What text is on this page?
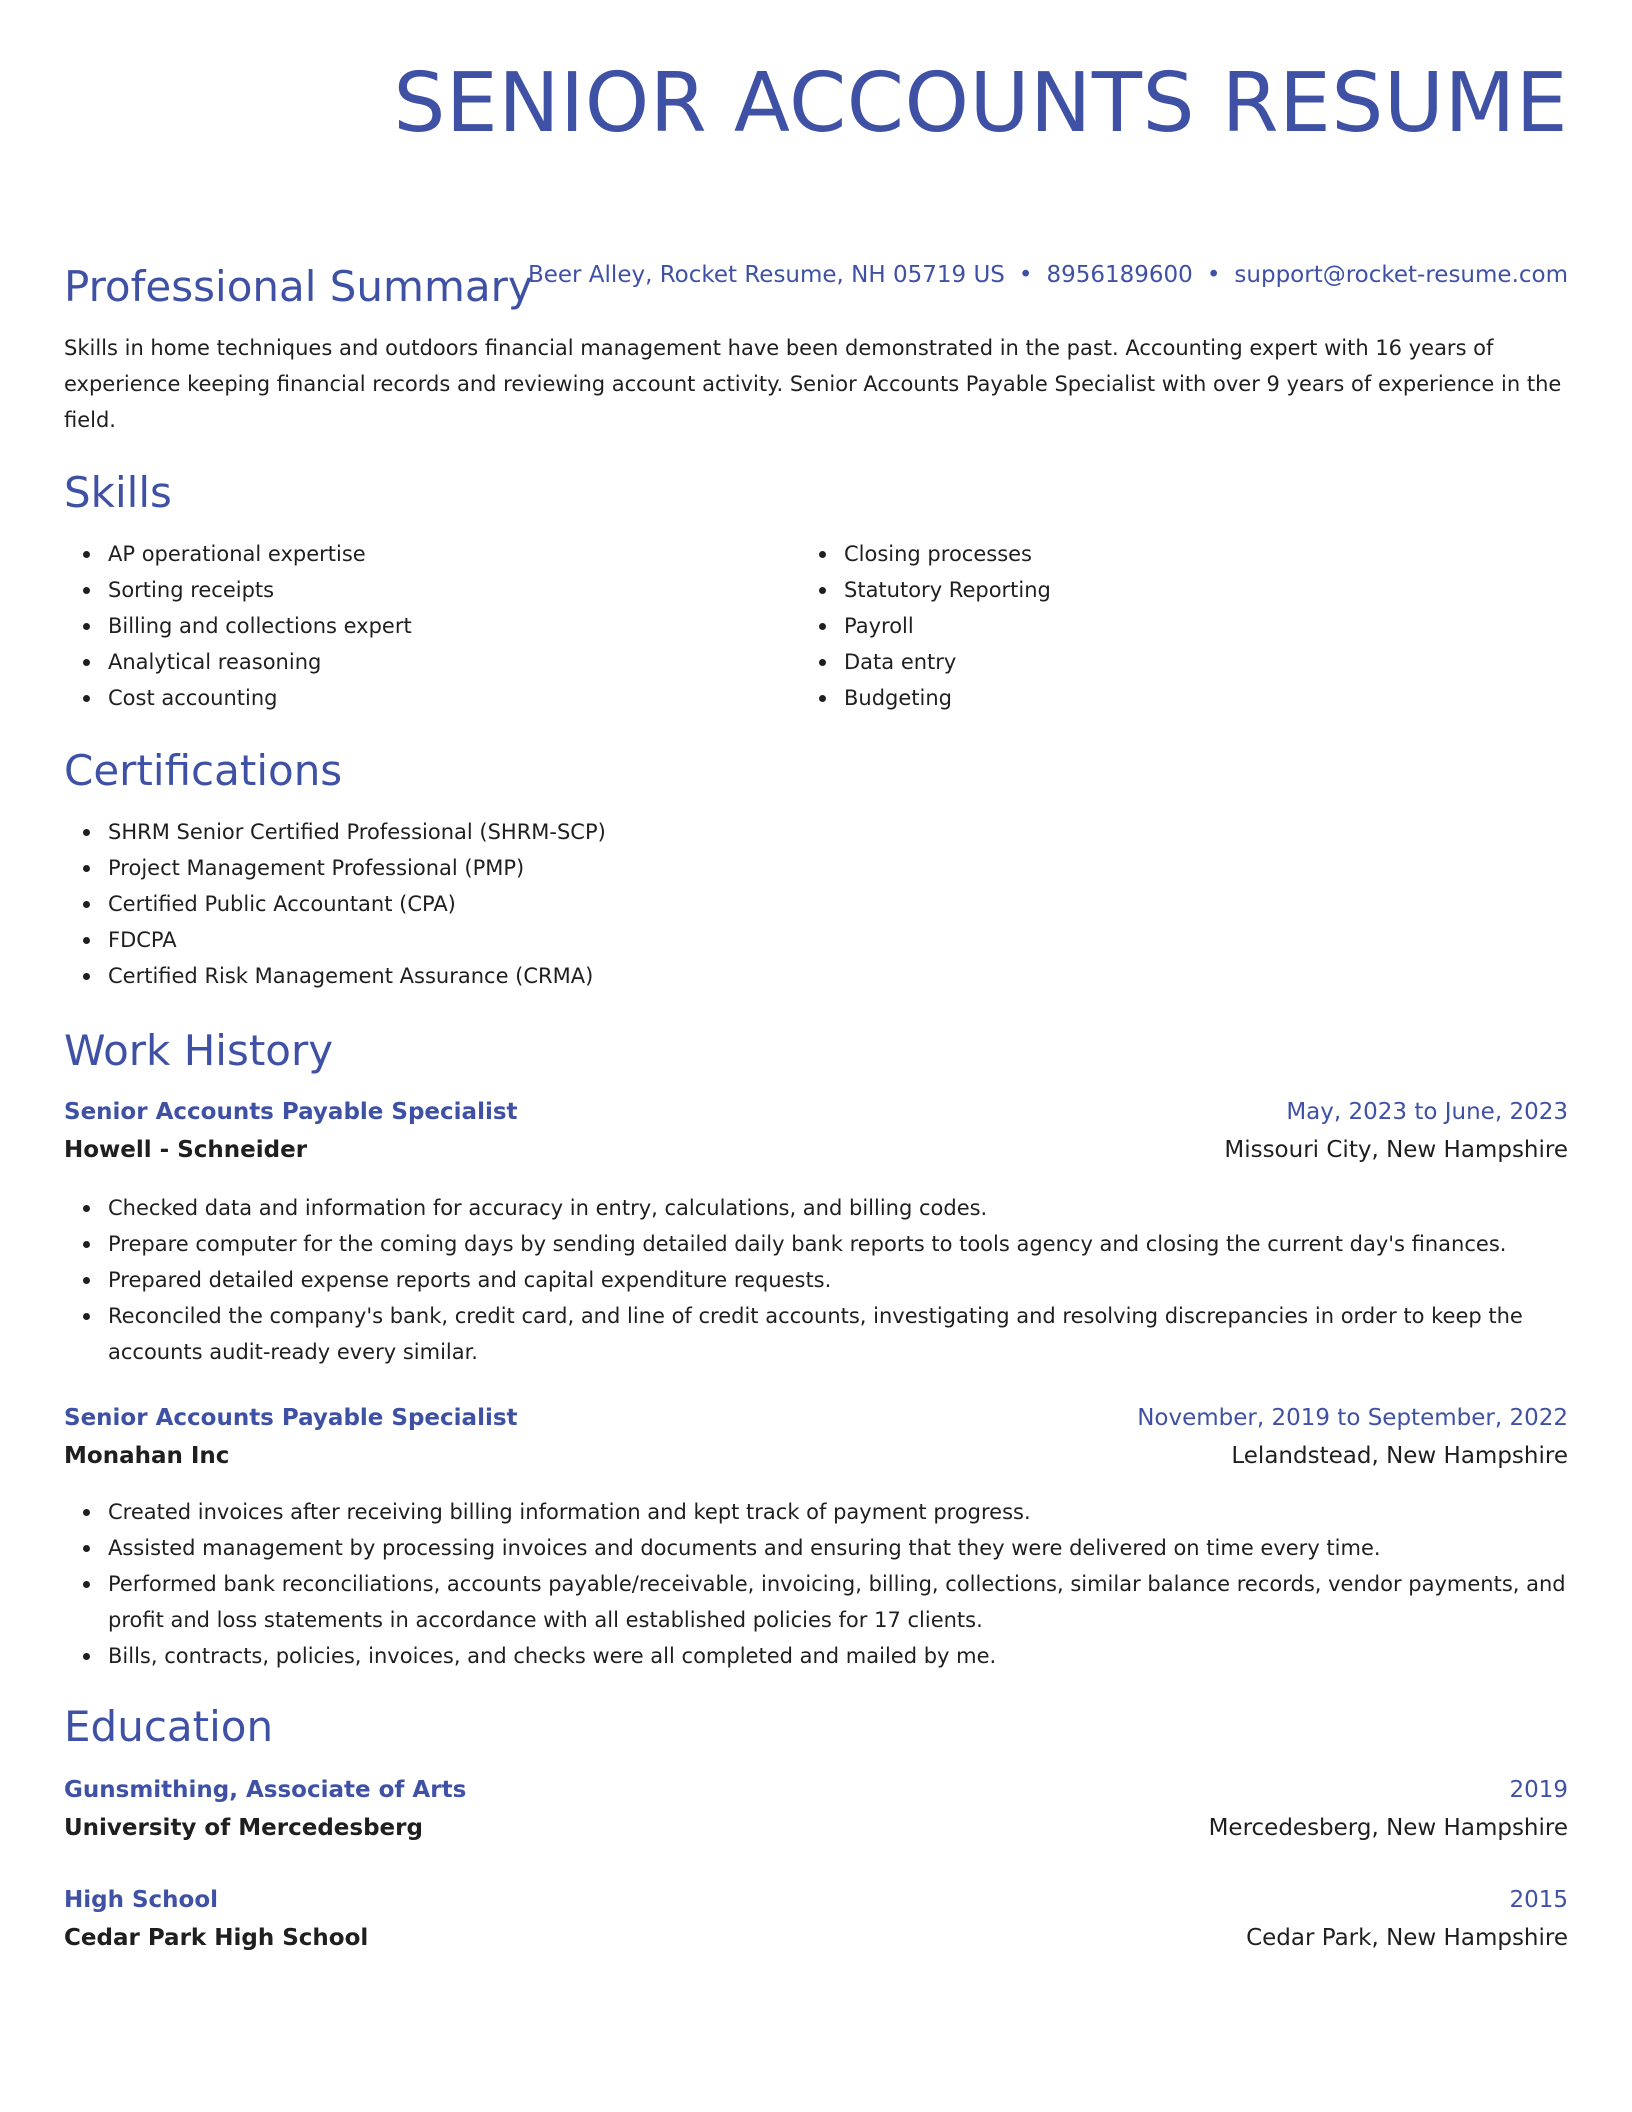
SENIOR ACCOUNTS RESUME
Beer Alley, Rocket Resume, NH 05719 US • 8956189600 • support@rocket-resume.com
Professional Summary

Skills in home techniques and outdoors financial management have been demonstrated in the past. Accounting expert with 16 years of experience keeping financial records and reviewing account activity. Senior Accounts Payable Specialist with over 9 years of experience in the field.

Skills
AP operational expertise
Sorting receipts
Billing and collections expert
Analytical reasoning
Cost accounting
Closing processes
Statutory Reporting
Payroll
Data entry
Budgeting
Certifications
SHRM Senior Certified Professional (SHRM-SCP)
Project Management Professional (PMP)
Certified Public Accountant (CPA)
FDCPA
Certified Risk Management Assurance (CRMA)
Work History
Senior Accounts Payable Specialist	May, 2023 to June, 2023
Howell - Schneider	Missouri City, New Hampshire
Checked data and information for accuracy in entry, calculations, and billing codes.
Prepare computer for the coming days by sending detailed daily bank reports to tools agency and closing the current day's finances.
Prepared detailed expense reports and capital expenditure requests.
Reconciled the company's bank, credit card, and line of credit accounts, investigating and resolving discrepancies in order to keep the accounts audit-ready every similar.
Senior Accounts Payable Specialist	November, 2019 to September, 2022
Monahan Inc	Lelandstead, New Hampshire
Created invoices after receiving billing information and kept track of payment progress.
Assisted management by processing invoices and documents and ensuring that they were delivered on time every time.
Performed bank reconciliations, accounts payable/receivable, invoicing, billing, collections, similar balance records, vendor payments, and profit and loss statements in accordance with all established policies for 17 clients.
Bills, contracts, policies, invoices, and checks were all completed and mailed by me.
Education
Gunsmithing, Associate of Arts	2019
University of Mercedesberg	Mercedesberg, New Hampshire
High School	2015
Cedar Park High School	Cedar Park, New Hampshire
